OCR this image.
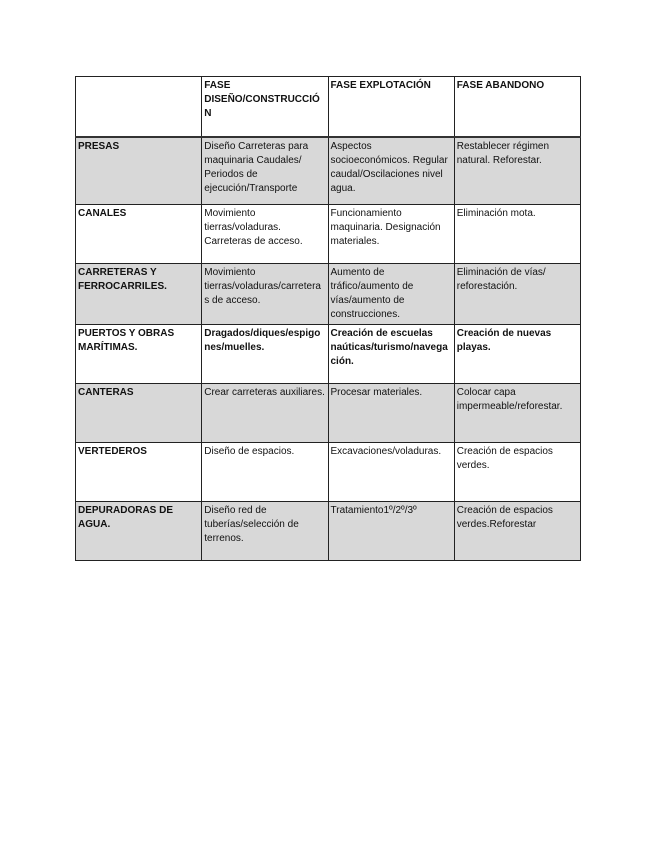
	FASE DISEÑO/CONSTRUCCIÓN	FASE EXPLOTACIÓN	FASE ABANDONO
PRESAS	Diseño Carreteras para maquinaria Caudales/ Periodos de ejecución/Transporte	Aspectos socioeconómicos. Regular caudal/Oscilaciones nivel agua.	Restablecer régimen natural. Reforestar.
CANALES	Movimiento tierras/voladuras. Carreteras de acceso.	Funcionamiento maquinaria. Designación materiales.	Eliminación mota.
CARRETERAS Y FERROCARRILES.	Movimiento tierras/voladuras/carreteras de acceso.	Aumento de tráfico/aumento de vías/aumento de construcciones.	Eliminación de vías/ reforestación.
PUERTOS Y OBRAS MARÍTIMAS.	Dragados/diques/espigones/muelles.	Creación de escuelas naúticas/turismo/navegación.	Creación de nuevas playas.
CANTERAS	Crear carreteras auxiliares.	Procesar materiales.	Colocar capa impermeable/reforestar.
VERTEDEROS	Diseño de espacios.	Excavaciones/voladuras.	Creación de espacios verdes.
DEPURADORAS DE AGUA.	Diseño red de tuberías/selección de terrenos.	Tratamiento1º/2º/3º	Creación de espacios verdes.Reforestar
